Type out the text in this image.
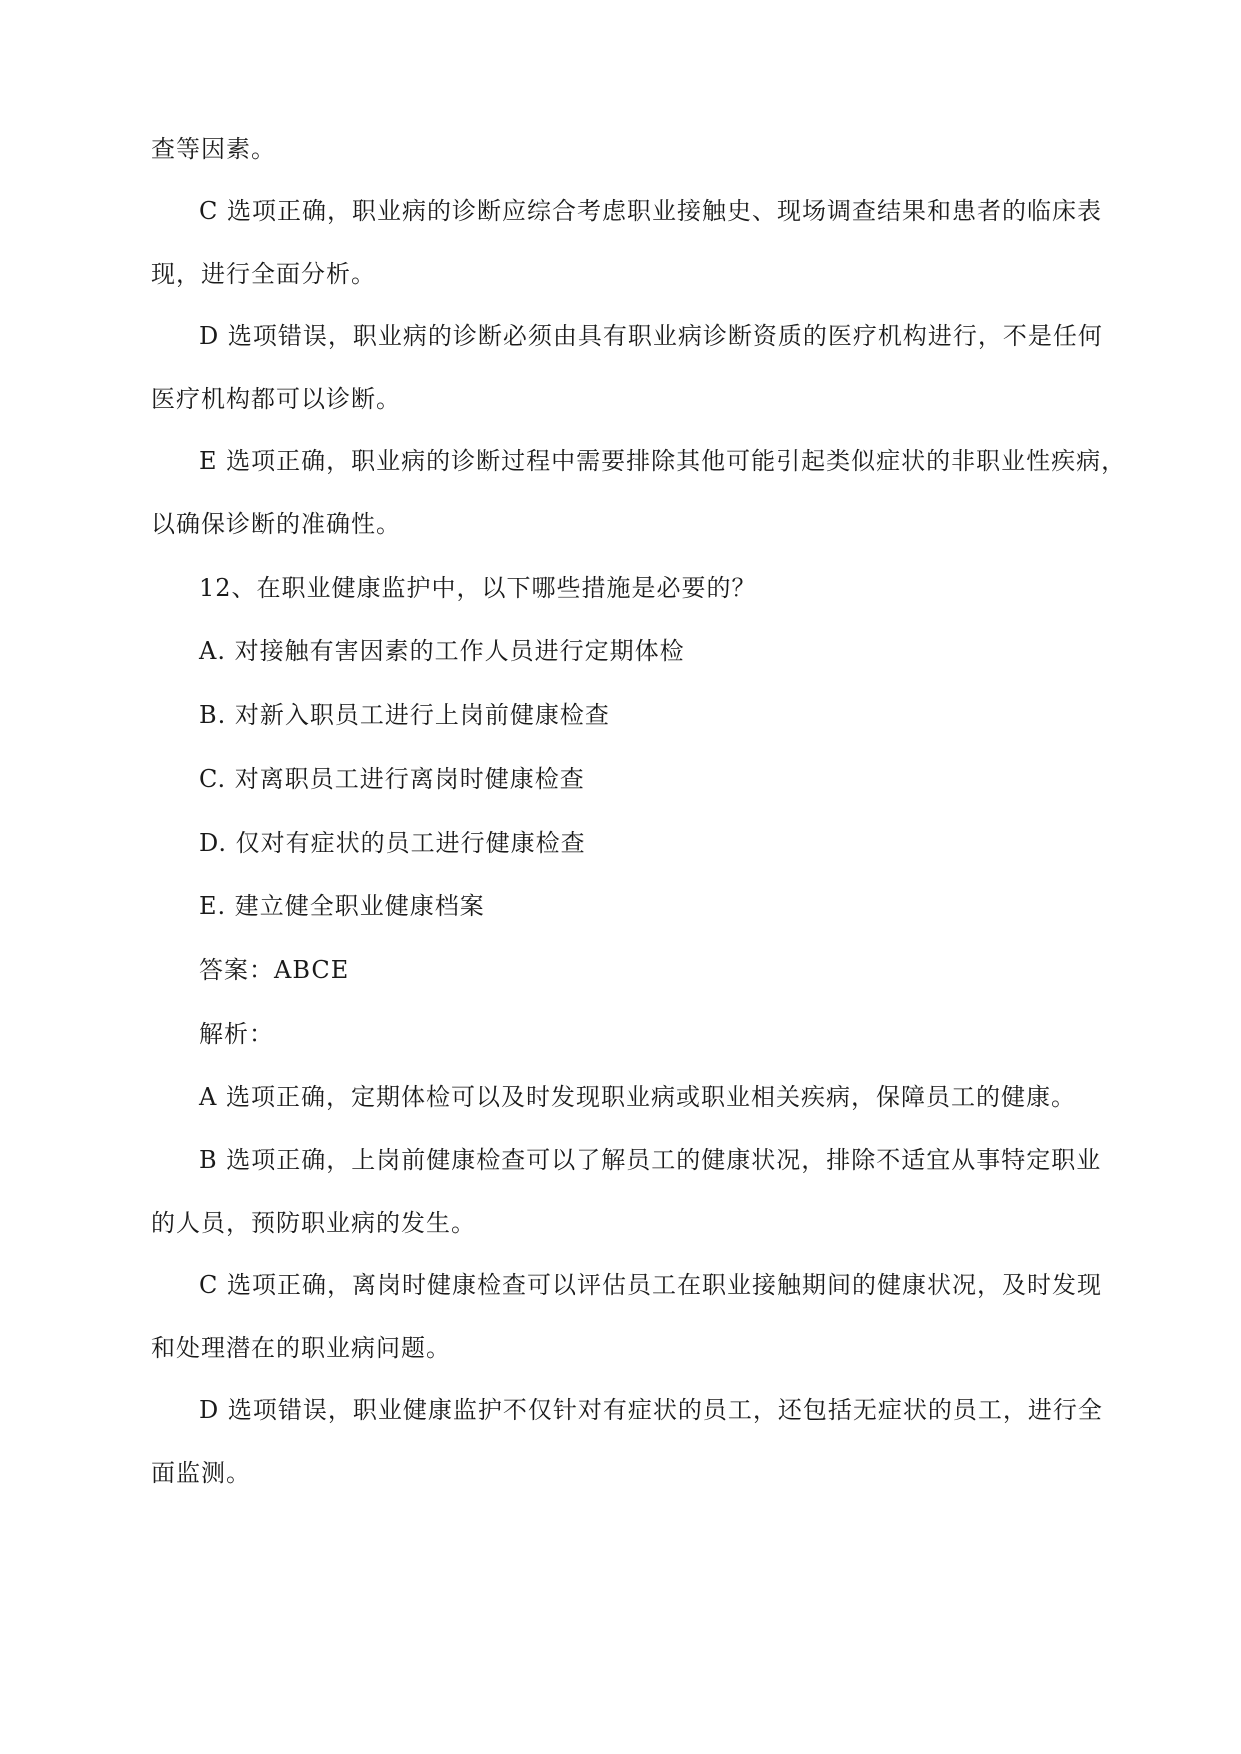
查等因素。
C 选项正确，职业病的诊断应综合考虑职业接触史、现场调查结果和患者的临床表
现，进行全面分析。
D 选项错误，职业病的诊断必须由具有职业病诊断资质的医疗机构进行，不是任何
医疗机构都可以诊断。
E 选项正确，职业病的诊断过程中需要排除其他可能引起类似症状的非职业性疾病，
以确保诊断的准确性。
12、在职业健康监护中，以下哪些措施是必要的？
A. 对接触有害因素的工作人员进行定期体检
B. 对新入职员工进行上岗前健康检查
C. 对离职员工进行离岗时健康检查
D. 仅对有症状的员工进行健康检查
E. 建立健全职业健康档案
答案：ABCE
解析：
A 选项正确，定期体检可以及时发现职业病或职业相关疾病，保障员工的健康。
B 选项正确，上岗前健康检查可以了解员工的健康状况，排除不适宜从事特定职业
的人员，预防职业病的发生。
C 选项正确，离岗时健康检查可以评估员工在职业接触期间的健康状况，及时发现
和处理潜在的职业病问题。
D 选项错误，职业健康监护不仅针对有症状的员工，还包括无症状的员工，进行全
面监测。
